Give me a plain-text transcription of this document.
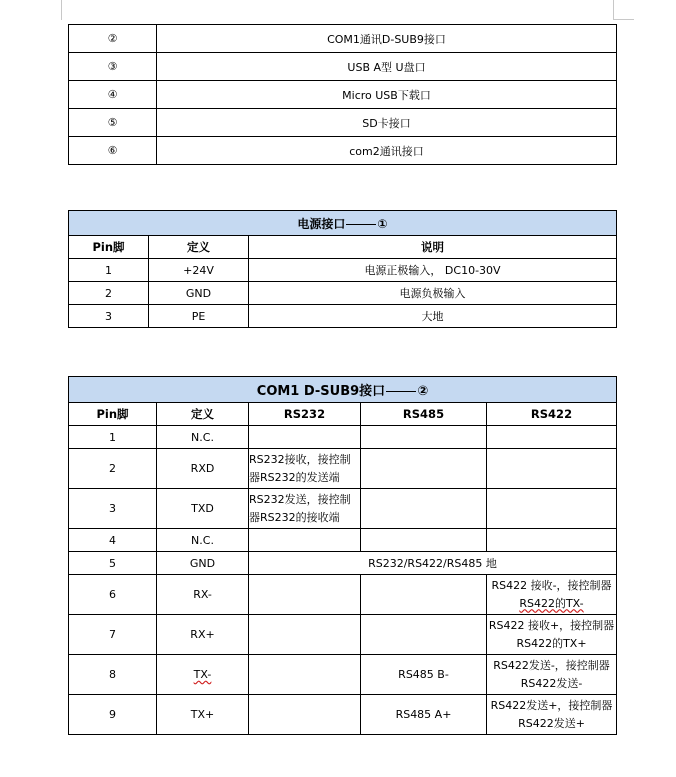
②	COM1通讯D-SUB9接口
③	USB A型 U盘口
④	Micro USB下载口
⑤	SD卡接口
⑥	com2通讯接口
电源接口 ①		
Pin脚	定义	说明
1	+24V	电源正极输入， DC10-30V
2	GND	电源负极输入
3	PE	大地
COM1 D-SUB9接口 ②				
Pin脚	定义	RS232	RS485	RS422
1	N.C.			
2	RXD	RS232接收，接控制器RS232的发送端		
3	TXD	RS232发送，接控制器RS232的接收端		
4	N.C.			
5	GND	RS232/RS422/RS485 地		
6	RX-			RS422 接收-，接控制器
RS422的TX-
7	RX+			RS422 接收+，接控制器
RS422的TX+
8	TX-		RS485 B-	RS422发送-，接控制器
RS422发送-
9	TX+		RS485 A+	RS422发送+，接控制器
RS422发送+
